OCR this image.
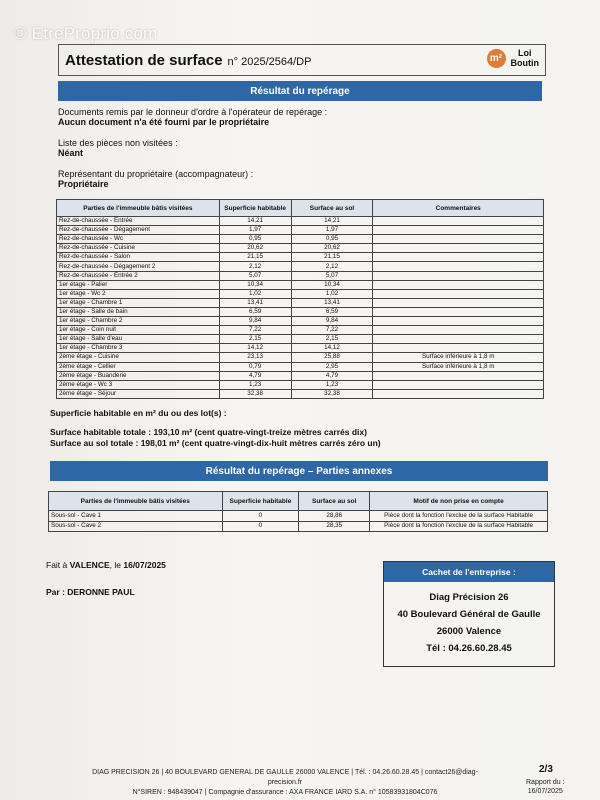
© EtreProprio.com
Attestation de surface n° 2025/2564/DP	m²	Loi
Boutin
Résultat du repérage
Documents remis par le donneur d'ordre à l'opérateur de repérage :
Aucun document n'a été fourni par le propriétaire
Liste des pièces non visitées :
Néant
Représentant du propriétaire (accompagnateur) :
Propriétaire
Parties de l'immeuble bâtis visitées	Superficie habitable	Surface au sol	Commentaires
Rez-de-chaussée - Entrée	14,21	14,21	
Rez-de-chaussée - Dégagement	1,97	1,97	
Rez-de-chaussée - Wc	0,95	0,95	
Rez-de-chaussée - Cuisine	20,62	20,62	
Rez-de-chaussée - Salon	21,15	21,15	
Rez-de-chaussée - Dégagement 2	2,12	2,12	
Rez-de-chaussée - Entrée 2	5,07	5,07	
1er étage - Palier	10,34	10,34	
1er étage - Wc 2	1,02	1,02	
1er étage - Chambre 1	13,41	13,41	
1er étage - Salle de bain	6,59	6,59	
1er étage - Chambre 2	9,84	9,84	
1er étage - Coin nuit	7,22	7,22	
1er étage - Salle d'eau	2,15	2,15	
1er étage - Chambre 3	14,12	14,12	
2ème étage - Cuisine	23,13	25,88	Surface inférieure à 1,8 m
2ème étage - Cellier	0,79	2,95	Surface inférieure à 1,8 m
2ème étage - Buanderie	4,79	4,79	
2ème étage - Wc 3	1,23	1,23	
2ème étage - Séjour	32,38	32,38	
Superficie habitable en m² du ou des lot(s) :
Surface habitable totale : 193,10 m² (cent quatre-vingt-treize mètres carrés dix)
Surface au sol totale : 198,01 m² (cent quatre-vingt-dix-huit mètres carrés zéro un)
Résultat du repérage – Parties annexes
Parties de l'immeuble bâtis visitées	Superficie habitable	Surface au sol	Motif de non prise en compte
Sous-sol - Cave 1	0	28,86	Pièce dont la fonction l'exclue de la surface Habitable
Sous-sol - Cave 2	0	28,35	Pièce dont la fonction l'exclue de la surface Habitable
Fait à VALENCE, le 16/07/2025
Par : DERONNE PAUL
Cachet de l'entreprise :
Diag Précision 26
40 Boulevard Général de Gaulle
26000 Valence
Tél : 04.26.60.28.45
DIAG PRECISION 26 | 40 BOULEVARD GENERAL DE GAULLE 26000 VALENCE | Tél. : 04.26.60.28.45 | contact26@diag-
precision.fr
N°SIREN : 948439047 | Compagnie d'assurance : AXA FRANCE IARD S.A. n° 10583931804C076
2/3
Rapport du :
16/07/2025
